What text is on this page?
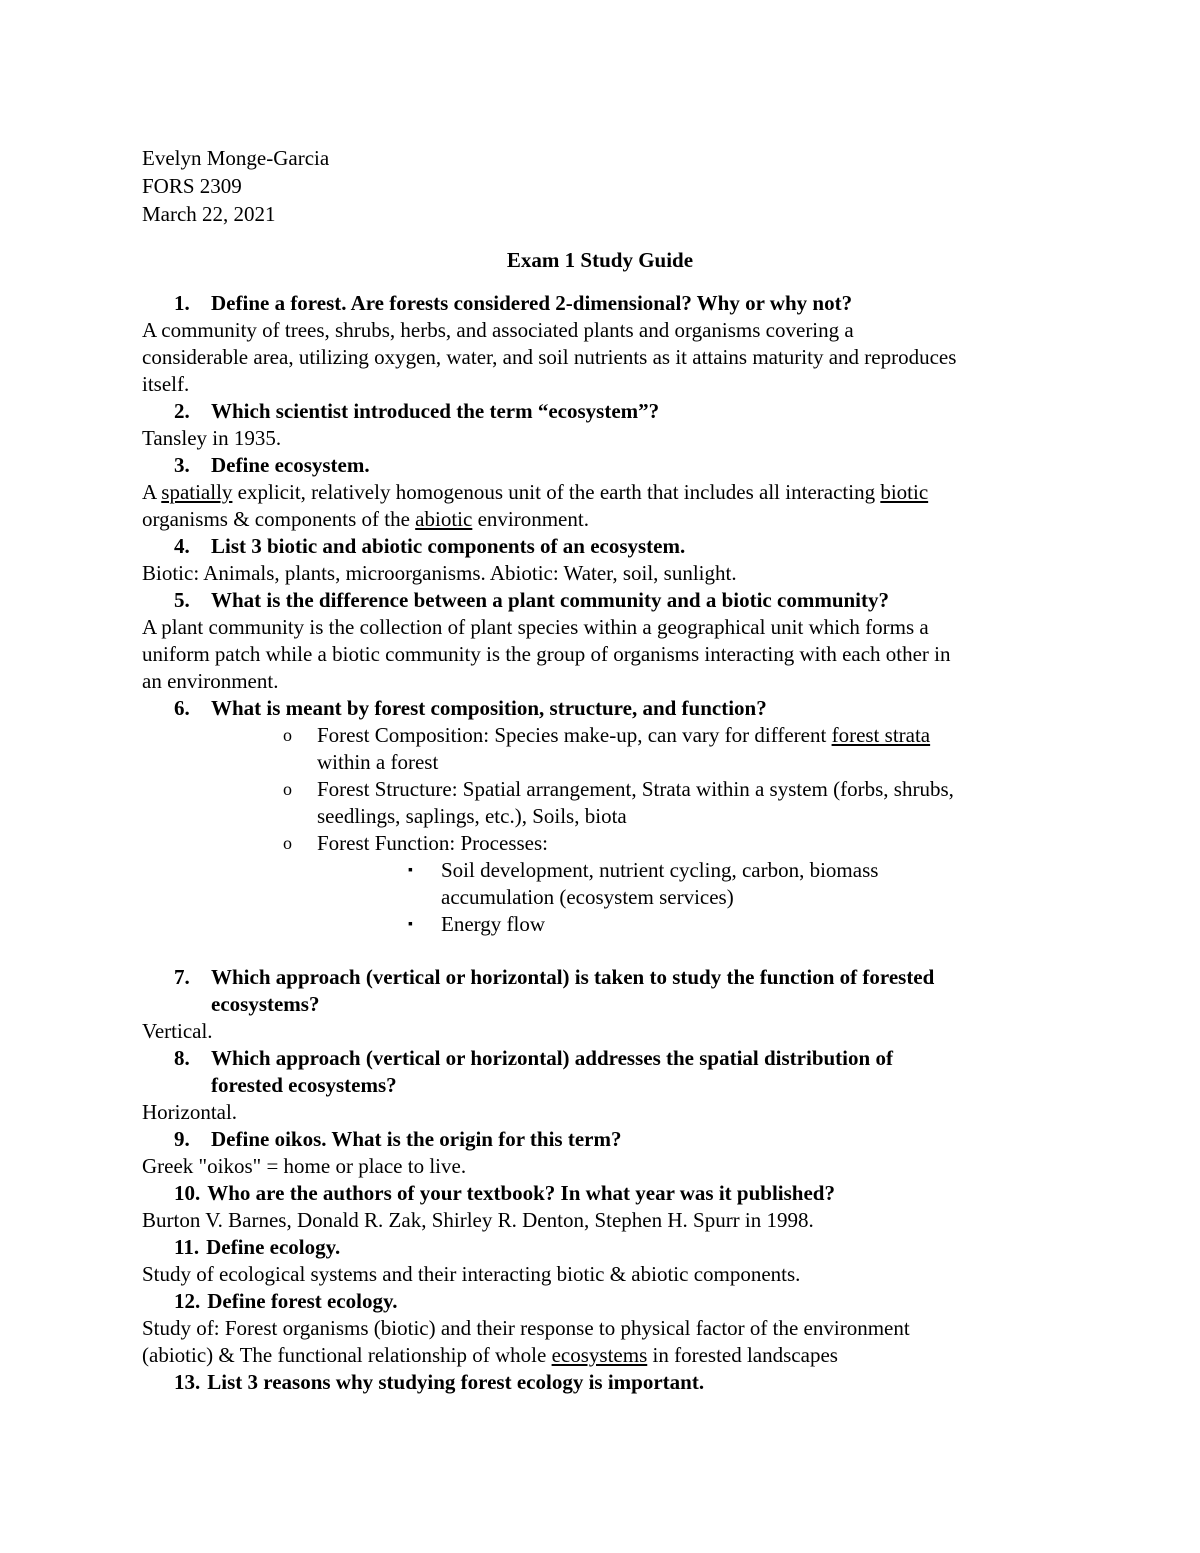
Evelyn Monge-Garcia
FORS 2309
March 22, 2021
Exam 1 Study Guide
1. Define a forest. Are forests considered 2-dimensional? Why or why not?
A community of trees, shrubs, herbs, and associated plants and organisms covering a
considerable area, utilizing oxygen, water, and soil nutrients as it attains maturity and reproduces
itself.
2. Which scientist introduced the term “ecosystem”?
Tansley in 1935.
3. Define ecosystem.
A spatially explicit, relatively homogenous unit of the earth that includes all interacting biotic
organisms & components of the abiotic environment.
4. List 3 biotic and abiotic components of an ecosystem.
Biotic: Animals, plants, microorganisms. Abiotic: Water, soil, sunlight.
5. What is the difference between a plant community and a biotic community?
A plant community is the collection of plant species within a geographical unit which forms a
uniform patch while a biotic community is the group of organisms interacting with each other in
an environment.
6. What is meant by forest composition, structure, and function?
o Forest Composition: Species make-up, can vary for different forest strata
within a forest
o Forest Structure: Spatial arrangement, Strata within a system (forbs, shrubs,
seedlings, saplings, etc.), Soils, biota
o Forest Function: Processes:
▪ Soil development, nutrient cycling, carbon, biomass
accumulation (ecosystem services)
▪ Energy flow
7. Which approach (vertical or horizontal) is taken to study the function of forested
ecosystems?
Vertical.
8. Which approach (vertical or horizontal) addresses the spatial distribution of
forested ecosystems?
Horizontal.
9. Define oikos. What is the origin for this term?
Greek "oikos" = home or place to live.
10. Who are the authors of your textbook? In what year was it published?
Burton V. Barnes, Donald R. Zak, Shirley R. Denton, Stephen H. Spurr in 1998.
11. Define ecology.
Study of ecological systems and their interacting biotic & abiotic components.
12. Define forest ecology.
Study of: Forest organisms (biotic) and their response to physical factor of the environment
(abiotic) & The functional relationship of whole ecosystems in forested landscapes
13. List 3 reasons why studying forest ecology is important.
